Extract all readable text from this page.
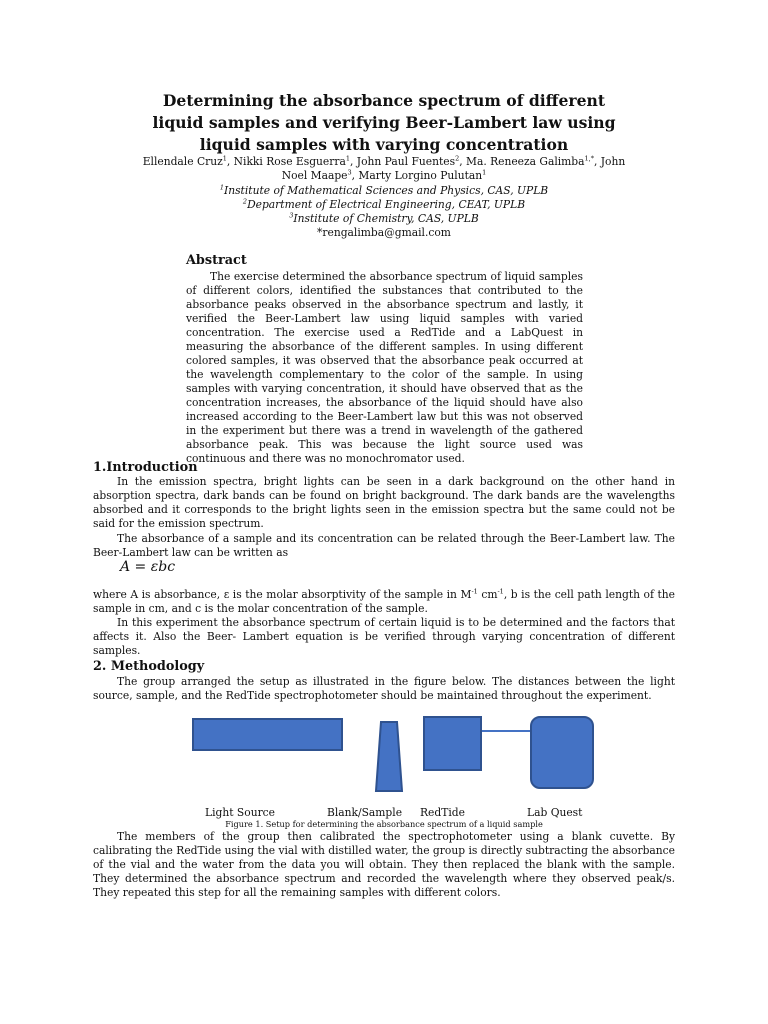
Determining the absorbance spectrum of different
liquid samples and verifying Beer-Lambert law using
liquid samples with varying concentration
Ellendale Cruz$^1$, Nikki Rose Esguerra$^1$, John Paul Fuentes$^2$, Ma. Reneeza Galimba$^{1,*}$, John Noel Maape$^3$, Marty Lorgino Pulutan$^1$
$^1$Institute of Mathematical Sciences and Physics, CAS, UPLB
$^2$Department of Electrical Engineering, CEAT, UPLB
$^3$Institute of Chemistry, CAS, UPLB
*rengalimba@gmail.com
Abstract
The exercise determined the absorbance spectrum of liquid samples of different colors, identified the substances that contributed to the absorbance peaks observed in the absorbance spectrum and lastly, it verified the Beer-Lambert law using liquid samples with varied concentration. The exercise used a RedTide and a LabQuest in measuring the absorbance of the different samples. In using different colored samples, it was observed that the absorbance peak occurred at the wavelength complementary to the color of the sample. In using samples with varying concentration, it should have observed that as the concentration increases, the absorbance of the liquid should have also increased according to the Beer-Lambert law but this was not observed in the experiment but there was a trend in wavelength of the gathered absorbance peak. This was because the light source used was continuous and there was no monochromator used.
1.Introduction
In the emission spectra, bright lights can be seen in a dark background on the other hand in absorption spectra, dark bands can be found on bright background. The dark bands are the wavelengths absorbed and it corresponds to the bright lights seen in the emission spectra but the same could not be said for the emission spectrum.
The absorbance of a sample and its concentration can be related through the Beer-Lambert law. The Beer-Lambert law can be written as
A = εbc
where A is absorbance, ε is the molar absorptivity of the sample in $M^{-1}$ $cm^{-1}$, b is the cell path length of the sample in cm, and c is the molar concentration of the sample.
In this experiment the absorbance spectrum of certain liquid is to be determined and the factors that affects it. Also the Beer- Lambert equation is be verified through varying concentration of different samples.
2. Methodology
The group arranged the setup as illustrated in the figure below. The distances between the light source, sample, and the RedTide spectrophotometer should be maintained throughout the experiment.
Light Source	Blank/Sample RedTide	Lab Quest
Figure 1. Setup for determining the absorbance spectrum of a liquid sample
The members of the group then calibrated the spectrophotometer using a blank cuvette. By calibrating the RedTide using the vial with distilled water, the group is directly subtracting the absorbance of the vial and the water from the data you will obtain. They then replaced the blank with the sample. They determined the absorbance spectrum and recorded the wavelength where they observed peak/s. They repeated this step for all the remaining samples with different colors.
